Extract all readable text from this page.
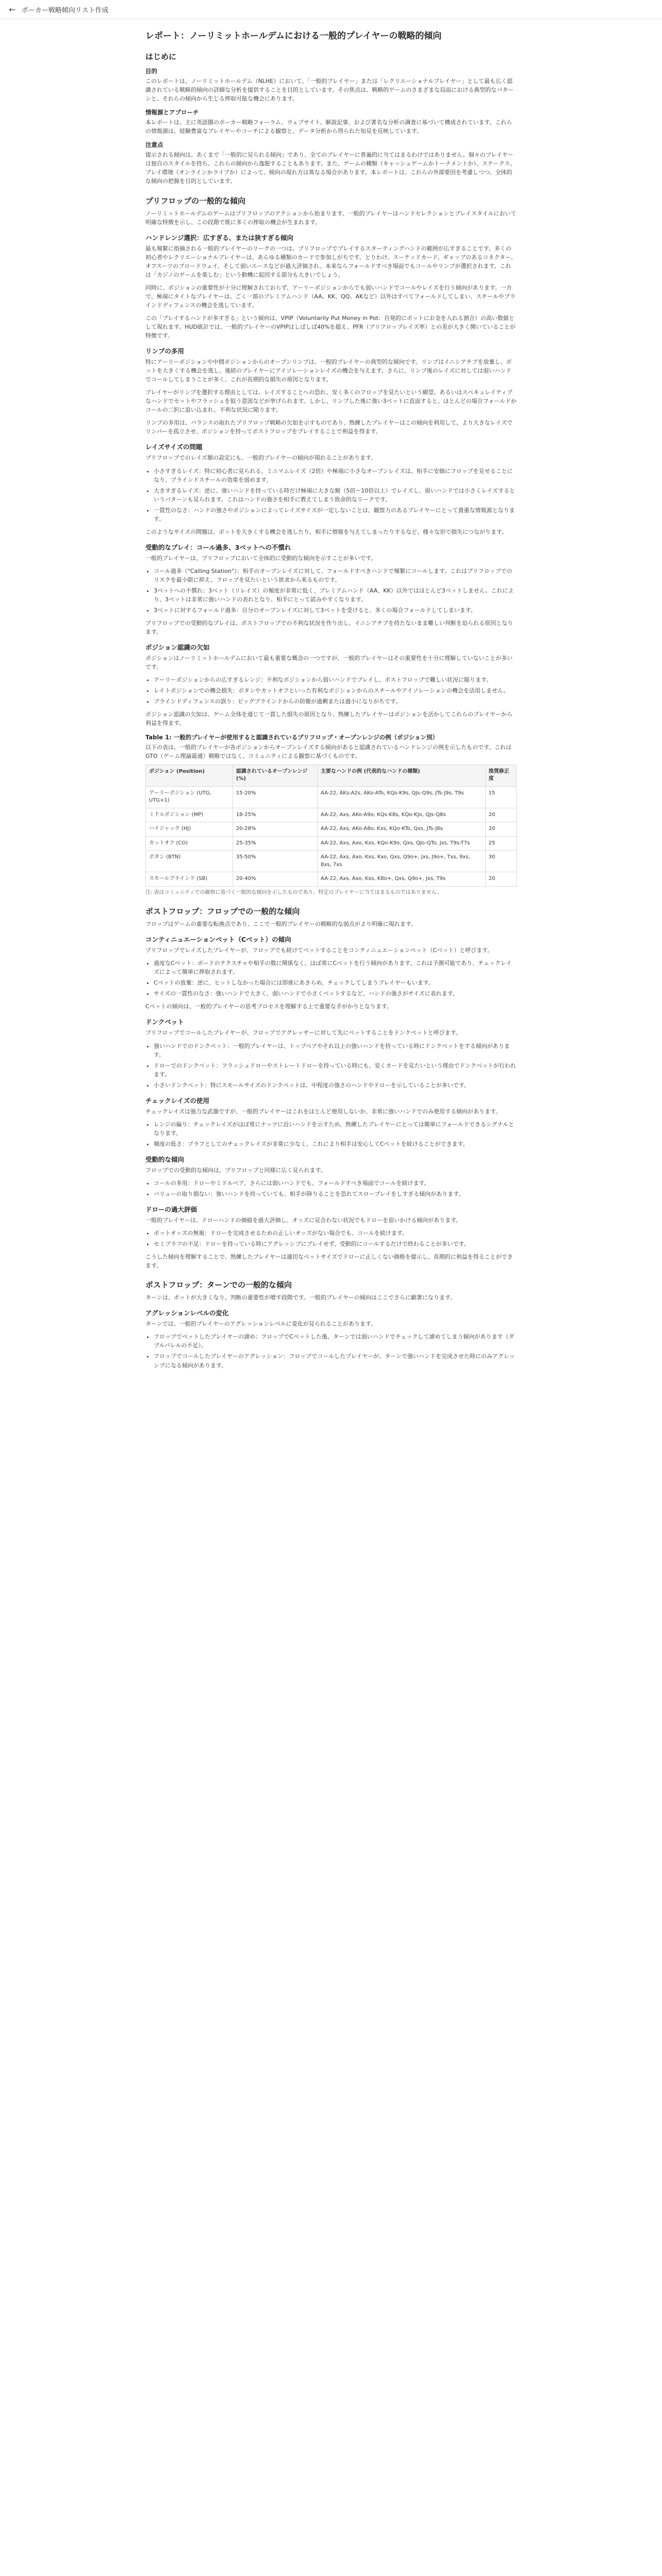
← ポーカー戦略傾向リスト作成
レポート：ノーリミットホールデムにおける一般的プレイヤーの戦略的傾向
はじめに
目的

このレポートは、ノーリミットホールデム（NLHE）において、「一般的プレイヤー」または「レクリエーショナルプレイヤー」として最も広く認識されている戦略的傾向の詳細な分析を提供することを目的としています。その焦点は、戦略的ゲームのさまざまな局面における典型的なパターンと、それらの傾向から生じる搾取可能な機会にあります。

情報源とアプローチ

本レポートは、主に英語圏のポーカー戦略フォーラム、ウェブサイト、解説記事、および著名な分析の調査に基づいて構成されています。これらの情報源は、経験豊富なプレイヤーやコーチによる観察と、データ分析から得られた知見を反映しています。

注意点

提示される傾向は、あくまで「一般的に見られる傾向」であり、全てのプレイヤーに普遍的に当てはまるわけではありません。個々のプレイヤーは独自のスタイルを持ち、これらの傾向から逸脱することもあります。また、ゲームの種類（キャッシュゲームかトーナメントか）、ステークス、プレイ環境（オンラインかライブか）によって、傾向の現れ方は異なる場合があります。本レポートは、これらの外部要因を考慮しつつ、全体的な傾向の把握を目的としています。

プリフロップの一般的な傾向

ノーリミットホールデムのゲームはプリフロップのアクションから始まります。一般的プレイヤーはハンドセレクションとプレイスタイルにおいて明確な特徴を示し、この段階で既に多くの搾取の機会が生まれます。

ハンドレンジ選択：広すぎる、または狭すぎる傾向

最も頻繁に指摘される一般的プレイヤーのリークの一つは、プリフロップでプレイするスターティングハンドの範囲が広すぎることです。多くの初心者やレクリエーショナルプレイヤーは、あらゆる種類のカードで参加しがちです。とりわけ、スーテッドカード、ギャップのあるコネクター、オフスーツのブロードウェイ、そして弱いエースなどが過大評価され、本来ならフォールドすべき場面でもコールやリンプが選択されます。これは「カジノのゲームを楽しむ」という動機に起因する部分も大きいでしょう。

同時に、ポジションの重要性が十分に理解されておらず、アーリーポジションからでも弱いハンドでコールやレイズを行う傾向があります。一方で、極端にタイトなプレイヤーは、ごく一部のプレミアムハンド（AA、KK、QQ、AKなど）以外はすべてフォールドしてしまい、スチールやブラインドディフェンスの機会を逃しています。

この「プレイするハンドが多すぎる」という傾向は、VPIP（Voluntarily Put Money in Pot：自発的にポットにお金を入れる割合）の高い数値として現れます。HUD統計では、一般的プレイヤーのVPIPはしばしば40%を超え、PFR（プリフロップレイズ率）との差が大きく開いていることが特徴です。

リンプの多用

特にアーリーポジションや中間ポジションからのオープンリンプは、一般的プレイヤーの典型的な傾向です。リンプはイニシアチブを放棄し、ポットを大きくする機会を逃し、後続のプレイヤーにアイソレーションレイズの機会を与えます。さらに、リンプ後のレイズに対しては弱いハンドでコールしてしまうことが多く、これが長期的な損失の原因となります。

プレイヤーがリンプを選択する理由としては、レイズすることへの恐れ、安く多くのフロップを見たいという願望、あるいはスペキュレイティブなハンドでセットやフラッシュを狙う意図などが挙げられます。しかし、リンプした後に強い3ベットに直面すると、ほとんどの場合フォールドかコールの二択に追い込まれ、不利な状況に陥ります。

リンプの多用は、バランスの取れたプリフロップ戦略の欠如を示すものであり、熟練したプレイヤーはこの傾向を利用して、より大きなレイズでリンパーを孤立させ、ポジションを持ってポストフロップをプレイすることで利益を得ます。

レイズサイズの問題

プリフロップでのレイズ額の設定にも、一般的プレイヤーの傾向が現れることがあります。

• 小さすぎるレイズ：特に初心者に見られる、ミニマムレイズ（2倍）や極端に小さなオープンレイズは、相手に安価にフロップを見せることになり、ブラインドスチールの効果を弱めます。
• 大きすぎるレイズ：逆に、強いハンドを持っている時だけ極端に大きな額（5倍〜10倍以上）でレイズし、弱いハンドでは小さくレイズするというパターンも見られます。これはハンドの強さを相手に教えてしまう致命的なリークです。
• 一貫性のなさ：ハンドの強さやポジションによってレイズサイズが一定しないことは、観察力のあるプレイヤーにとって貴重な情報源となります。

このようなサイズの問題は、ポットを大きくする機会を逃したり、相手に情報を与えてしまったりするなど、様々な形で損失につながります。

受動的なプレイ：コール過多、3ベットへの不慣れ

一般的プレイヤーは、プリフロップにおいて全体的に受動的な傾向を示すことが多いです。

• コール過多（"Calling Station"）：相手のオープンレイズに対して、フォールドすべきハンドで頻繁にコールします。これはプリフロップでのリスクを最小限に抑え、フロップを見たいという欲求から来るものです。
• 3ベットへの不慣れ：3ベット（リレイズ）の頻度が非常に低く、プレミアムハンド（AA、KK）以外ではほとんど3ベットしません。これにより、3ベットは非常に強いハンドの表れとなり、相手にとって読みやすくなります。
• 3ベットに対するフォールド過多：自分のオープンレイズに対して3ベットを受けると、多くの場合フォールドしてしまいます。

プリフロップでの受動的なプレイは、ポストフロップでの不利な状況を作り出し、イニシアチブを持たないまま難しい判断を迫られる原因となります。

ポジション認識の欠如

ポジションはノーリミットホールデムにおいて最も重要な概念の一つですが、一般的プレイヤーはその重要性を十分に理解していないことが多いです。

• アーリーポジションからの広すぎるレンジ：不利なポジションから弱いハンドでプレイし、ポストフロップで難しい状況に陥ります。
• レイトポジションでの機会損失：ボタンやカットオフといった有利なポジションからのスチールやアイソレーションの機会を活用しません。
• ブラインドディフェンスの誤り：ビッグブラインドからの防衛が過剰または過小になりがちです。

ポジション認識の欠如は、ゲーム全体を通じて一貫した損失の原因となり、熟練したプレイヤーはポジションを活かしてこれらのプレイヤーから利益を得ます。

Table 1: 一般的プレイヤーが使用すると認識されているプリフロップ・オープンレンジの例（ポジション別）

以下の表は、一般的プレイヤーが各ポジションからオープンレイズする傾向があると認識されているハンドレンジの例を示したものです。これはGTO（ゲーム理論最適）戦略ではなく、コミュニティによる観察に基づくものです。

ポジション (Position)	認識されているオープンレンジ (%)	主要なハンドの例 (代表的なハンドの種類)	推奨修正度
アーリーポジション (UTG, UTG+1)	15-20%	AA-22, AKs-A2s, AKo-ATo, KQs-K9s, QJs-Q9s, JTs-J9s, T9s	15
ミドルポジション (MP)	18-25%	AA-22, Axs, AKo-A9o, KQs-K8s, KQo-KJo, QJs-Q8s	20
ハイジャック (HJ)	20-28%	AA-22, Axs, AKo-A8o, Kxs, KQo-KTo, Qxs, JTs-J8s	20
カットオフ (CO)	25-35%	AA-22, Axs, Axo, Kxs, KQo-K9o, Qxs, QJo-QTo, Jxs, T9s-T7s	25
ボタン (BTN)	35-50%	AA-22, Axs, Axo, Kxs, Kxo, Qxs, Q9o+, Jxs, J9o+, Txs, 9xs, 8xs, 7xs	30
スモールブラインド (SB)	20-40%	AA-22, Axs, Axo, Kxs, K8o+, Qxs, Q9o+, Jxs, T9s	20

注: 表はコミュニティでの観察に基づく一般的な傾向を示したものであり、特定のプレイヤーに当てはまるものではありません。

ポストフロップ：フロップでの一般的な傾向

フロップはゲームの重要な転換点であり、ここで一般的プレイヤーの戦略的な弱点がより明確に現れます。

コンティニュエーションベット（Cベット）の傾向

プリフロップでレイズしたプレイヤーが、フロップでも続けてベットすることをコンティニュエーションベット（Cベット）と呼びます。

• 過度なCベット：ボードのテクスチャや相手の数に関係なく、ほぼ常にCベットを行う傾向があります。これは予測可能であり、チェックレイズによって簡単に搾取されます。
• Cベットの放棄：逆に、ヒットしなかった場合には即座にあきらめ、チェックしてしまうプレイヤーもいます。
• サイズの一貫性のなさ：強いハンドで大きく、弱いハンドで小さくベットするなど、ハンドの強さがサイズに表れます。

Cベットの傾向は、一般的プレイヤーの思考プロセスを理解する上で重要な手がかりとなります。

ドンクベット

プリフロップでコールしたプレイヤーが、フロップでアグレッサーに対して先にベットすることをドンクベットと呼びます。

• 強いハンドでのドンクベット：一般的プレイヤーは、トップペアやそれ以上の強いハンドを持っている時にドンクベットをする傾向があります。
• ドローでのドンクベット：フラッシュドローやストレートドローを持っている時にも、安くカードを見たいという理由でドンクベットが行われます。
• 小さいドンクベット：特にスモールサイズのドンクベットは、中程度の強さのハンドやドローを示していることが多いです。
チェックレイズの使用

チェックレイズは強力な武器ですが、一般的プレイヤーはこれをほとんど使用しないか、非常に強いハンドでのみ使用する傾向があります。

• レンジの偏り：チェックレイズがほぼ常にナッツに近いハンドを示すため、熟練したプレイヤーにとっては簡単にフォールドできるシグナルとなります。
• 頻度の低さ：ブラフとしてのチェックレイズが非常に少なく、これにより相手は安心してCベットを続けることができます。
受動的な傾向

フロップでの受動的な傾向は、プリフロップと同様に広く見られます。

• コールの多用：ドローやミドルペア、さらには弱いハンドでも、フォールドすべき場面でコールを続けます。
• バリューの取り損ない：強いハンドを持っていても、相手が降りることを恐れてスロープレイをしすぎる傾向があります。
ドローの過大評価

一般的プレイヤーは、ドローハンドの価値を過大評価し、オッズに見合わない状況でもドローを追いかける傾向があります。

• ポットオッズの無視：ドローを完成させるための正しいオッズがない場合でも、コールを続けます。
• セミブラフの不足：ドローを持っている時にアグレッシブにプレイせず、受動的にコールするだけで終わることが多いです。

こうした傾向を理解することで、熟練したプレイヤーは適切なベットサイズでドローに正しくない価格を提示し、長期的に利益を得ることができます。

ポストフロップ：ターンでの一般的な傾向

ターンは、ポットが大きくなり、判断の重要性が増す段階です。一般的プレイヤーの傾向はここでさらに顕著になります。

アグレッションレベルの変化

ターンでは、一般的プレイヤーのアグレッションレベルに変化が見られることがあります。

• フロップでベットしたプレイヤーの諦め：フロップでCベットした後、ターンでは弱いハンドでチェックして諦めてしまう傾向があります（ダブルバレルの不足）。
• フロップでコールしたプレイヤーのアグレッション：フロップでコールしたプレイヤーが、ターンで強いハンドを完成させた時にのみアグレッシブになる傾向があります。
